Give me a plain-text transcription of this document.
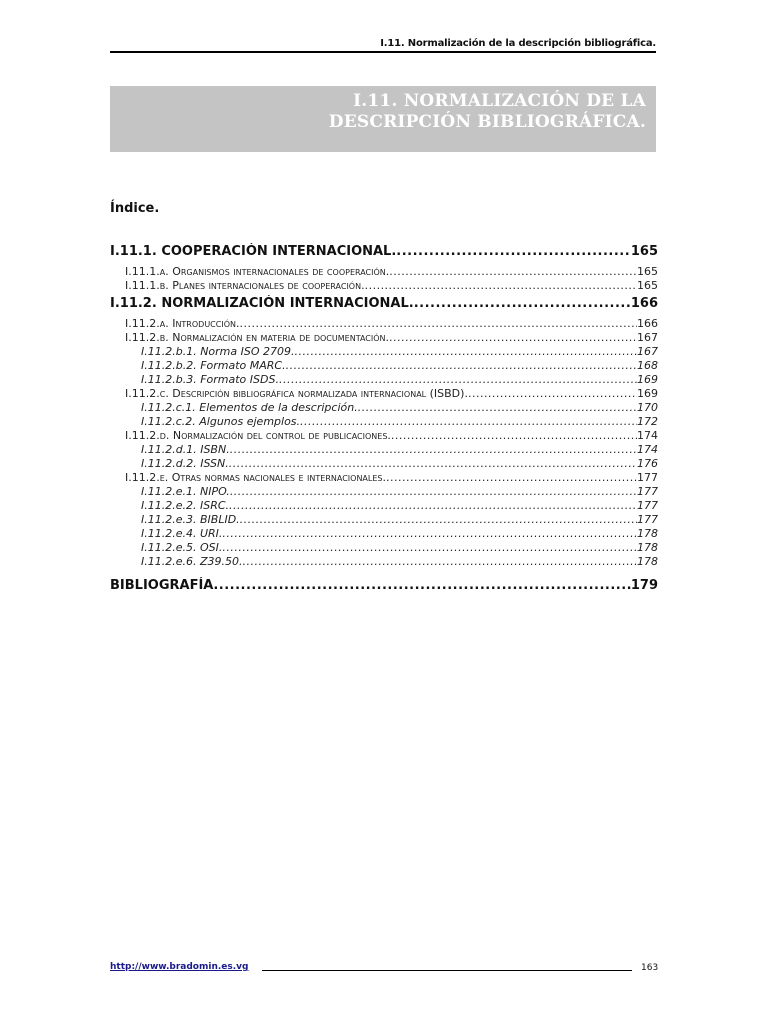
I.11. Normalización de la descripción bibliográfica.
I.11. NORMALIZACIÓN DE LA
DESCRIPCIÓN BIBLIOGRÁFICA.
Índice.
I.11.1. COOPERACIÓN INTERNACIONAL. .....	165
I.11.1.a. Organismos internacionales de cooperación. .....	165
I.11.1.b. Planes internacionales de cooperación. .....	165
I.11.2. NORMALIZACIÓN INTERNACIONAL. .....	166
I.11.2.a. Introducción. .....	166
I.11.2.b. Normalización en materia de documentación. .....	167
I.11.2.b.1. Norma ISO 2709. .....	167
I.11.2.b.2. Formato MARC. .....	168
I.11.2.b.3. Formato ISDS. .....	169
I.11.2.c. Descripción bibliográfica normalizada internacional (ISBD). .....	169
I.11.2.c.1. Elementos de la descripción. .....	170
I.11.2.c.2. Algunos ejemplos. .....	172
I.11.2.d. Normalización del control de publicaciones. .....	174
I.11.2.d.1. ISBN. .....	174
I.11.2.d.2. ISSN. .....	176
I.11.2.e. Otras normas nacionales e internacionales. .....	177
I.11.2.e.1. NIPO. .....	177
I.11.2.e.2. ISRC. .....	177
I.11.2.e.3. BIBLID. .....	177
I.11.2.e.4. URI. .....	178
I.11.2.e.5. OSI. .....	178
I.11.2.e.6. Z39.50. .....	178
BIBLIOGRAFÍA .....	179
http://www.bradomin.es.vg	163
